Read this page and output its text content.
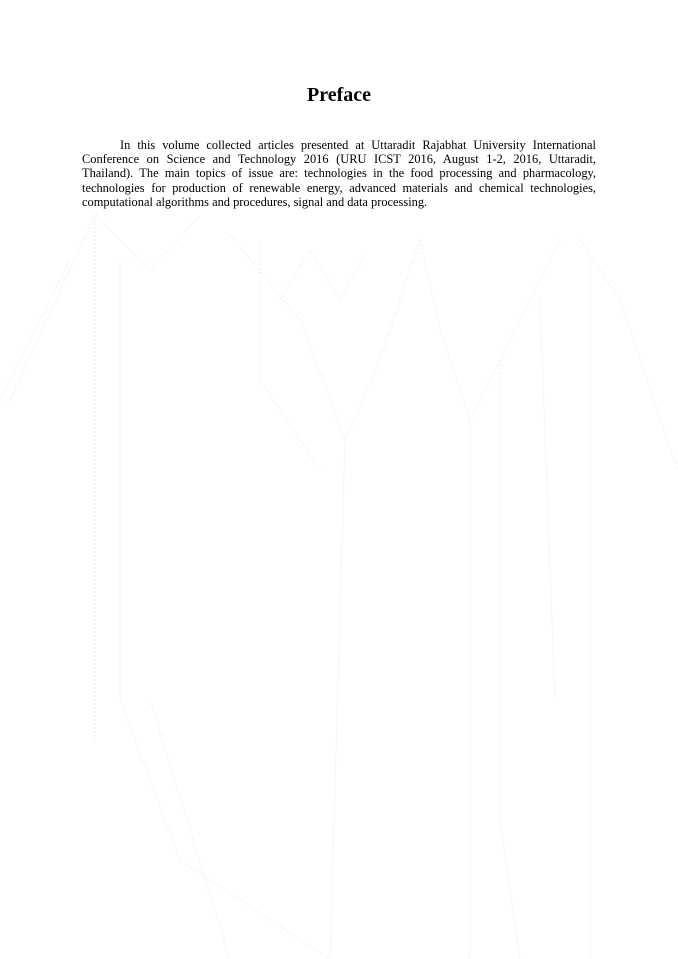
Preface

In this volume collected articles presented at Uttaradit Rajabhat University International Conference on Science and Technology 2016 (URU ICST 2016, August 1-2, 2016, Uttaradit, Thailand). The main topics of issue are: technologies in the food processing and pharmacology, technologies for production of renewable energy, advanced materials and chemical technologies, computational algorithms and procedures, signal and data processing.
